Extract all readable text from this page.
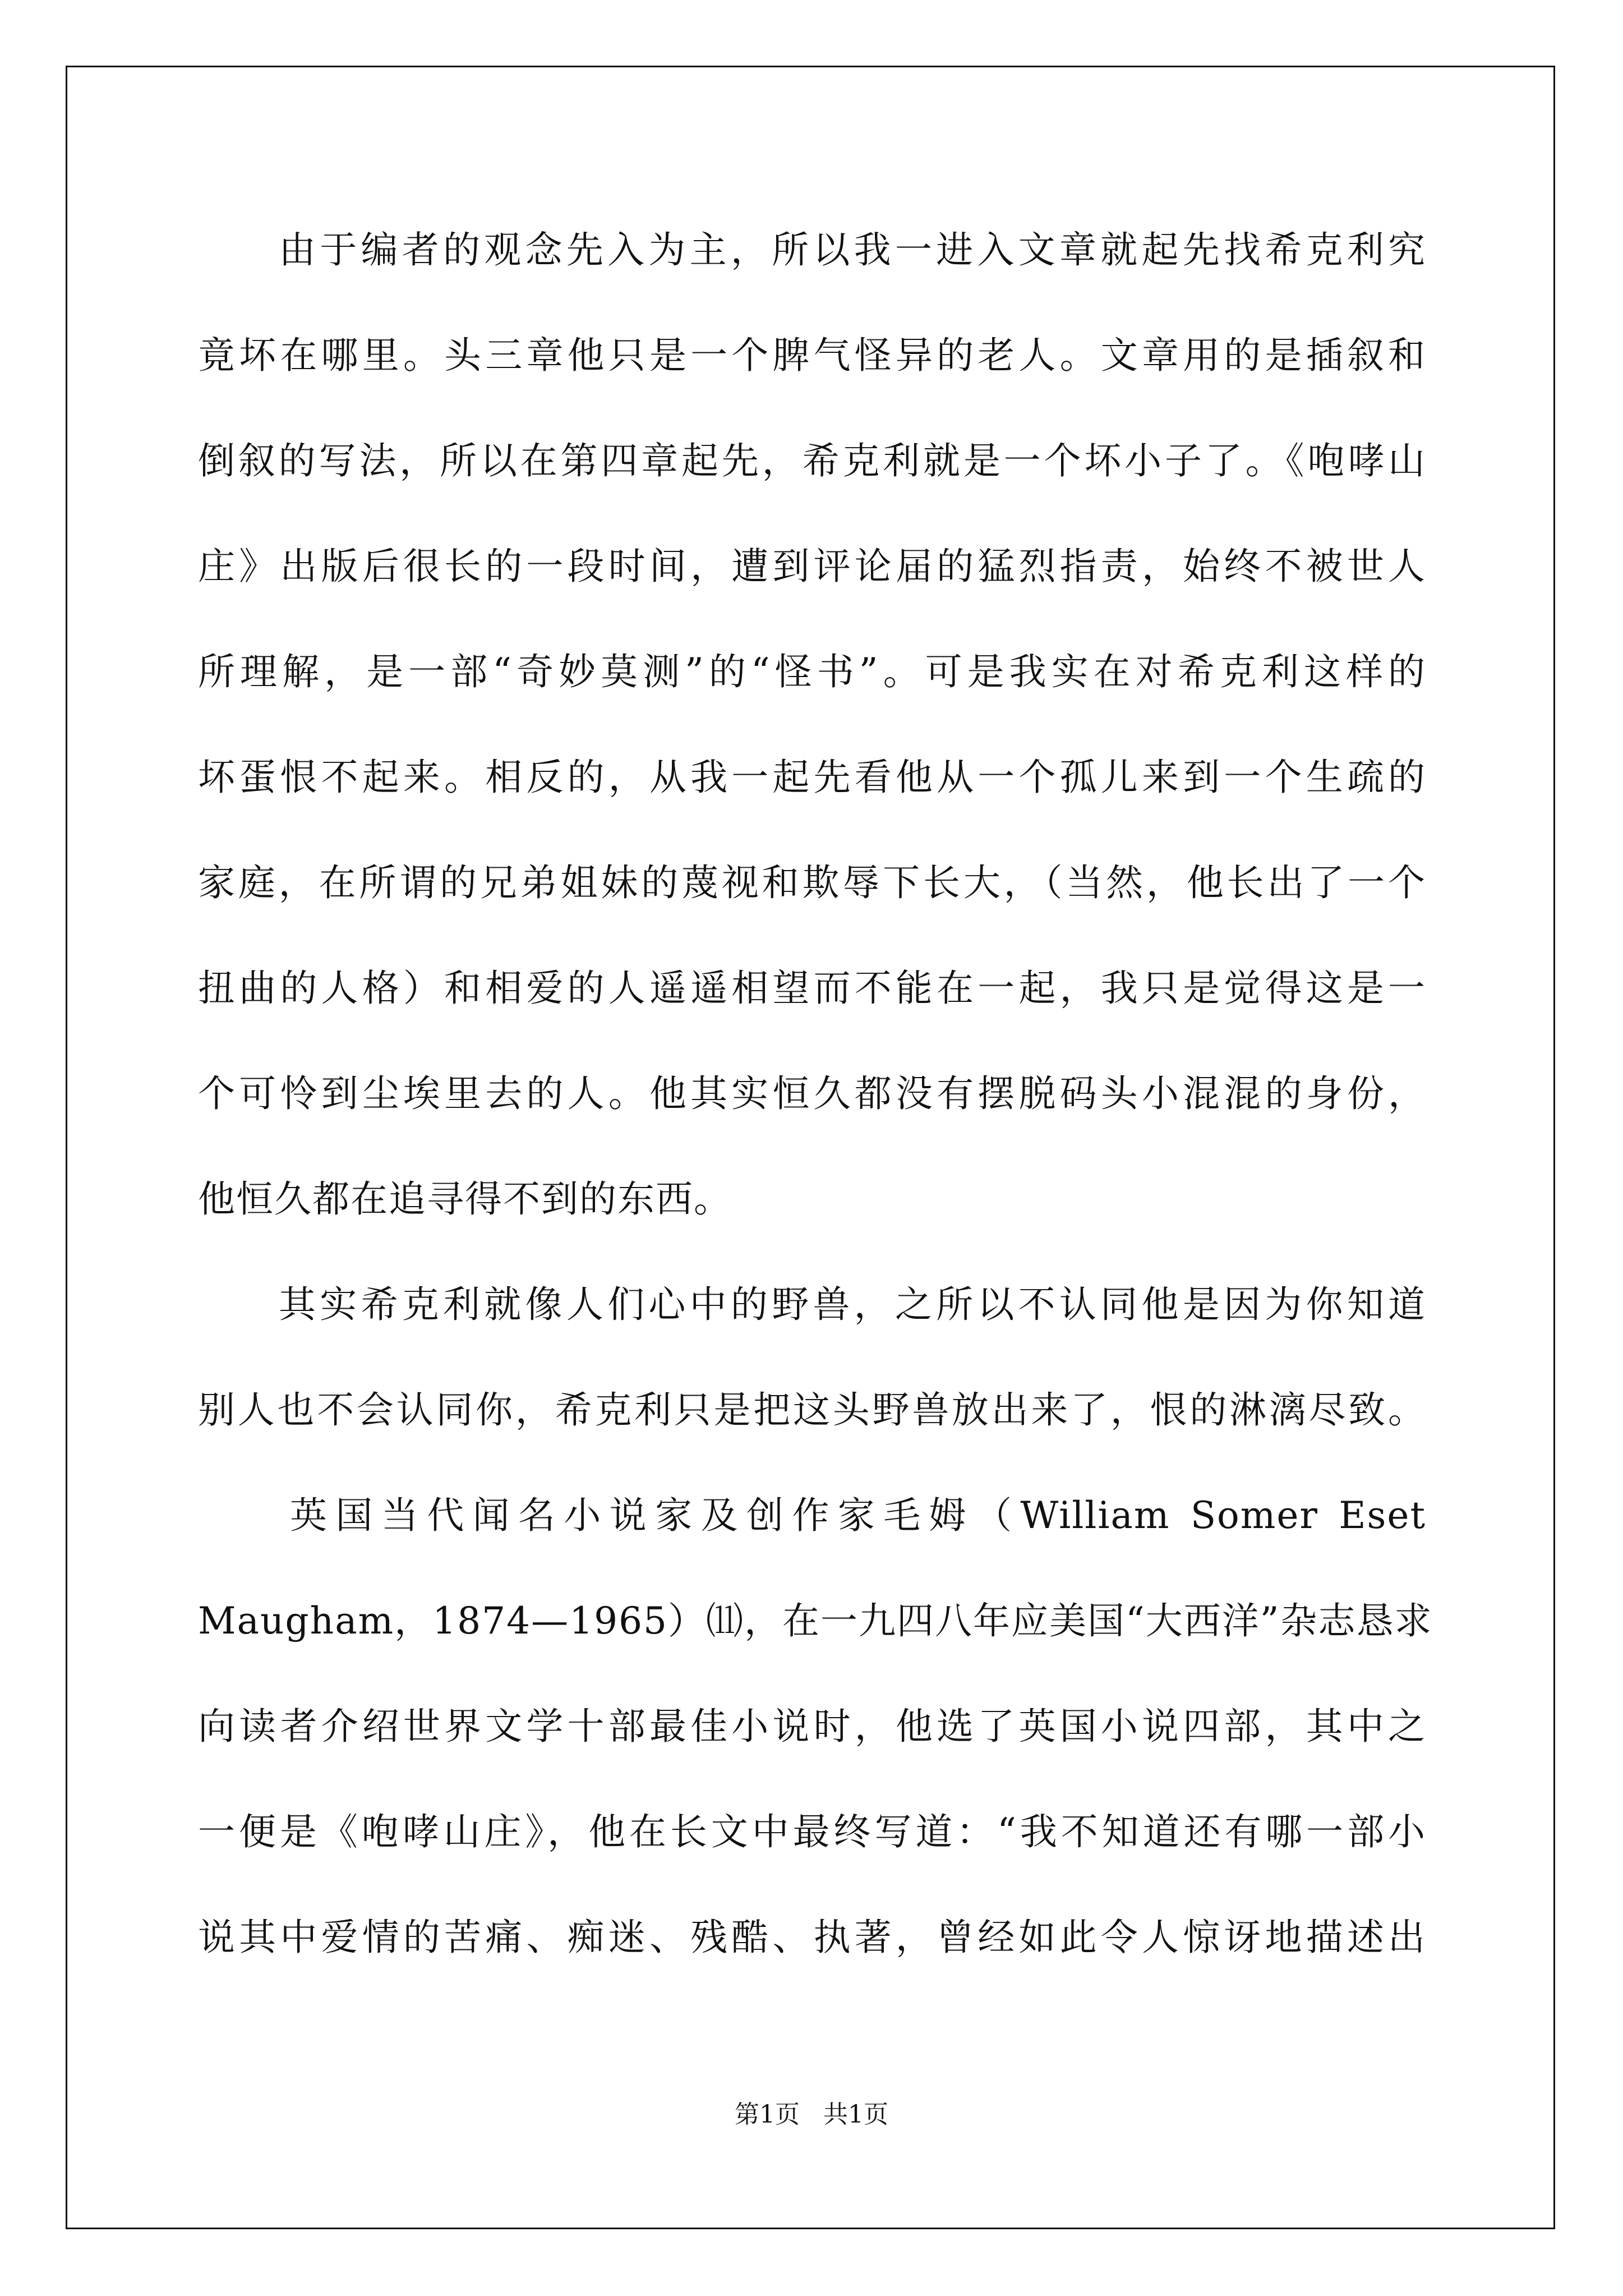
由于编者的观念先入为主，所以我一进入文章就起先找希克利究
竟坏在哪里。头三章他只是一个脾气怪异的老人。文章用的是插叙和
倒叙的写法，所以在第四章起先，希克利就是一个坏小子了。《咆哮山
庄》出版后很长的一段时间，遭到评论届的猛烈指责，始终不被世人
所理解，是一部“奇妙莫测”的“怪书”。可是我实在对希克利这样的
坏蛋恨不起来。相反的，从我一起先看他从一个孤儿来到一个生疏的
家庭，在所谓的兄弟姐妹的蔑视和欺辱下长大，（当然，他长出了一个
扭曲的人格）和相爱的人遥遥相望而不能在一起，我只是觉得这是一
个可怜到尘埃里去的人。他其实恒久都没有摆脱码头小混混的身份，
他恒久都在追寻得不到的东西。
其实希克利就像人们心中的野兽，之所以不认同他是因为你知道
别人也不会认同你，希克利只是把这头野兽放出来了，恨的淋漓尽致。
英国当代闻名小说家及创作家毛姆（William Somer Eset
Maugham，1874—1965）⑾，在一九四八年应美国“大西洋”杂志恳求
向读者介绍世界文学十部最佳小说时，他选了英国小说四部，其中之
一便是《咆哮山庄》，他在长文中最终写道：“我不知道还有哪一部小
说其中爱情的苦痛、痴迷、残酷、执著，曾经如此令人惊讶地描述出
第1页   共1页
